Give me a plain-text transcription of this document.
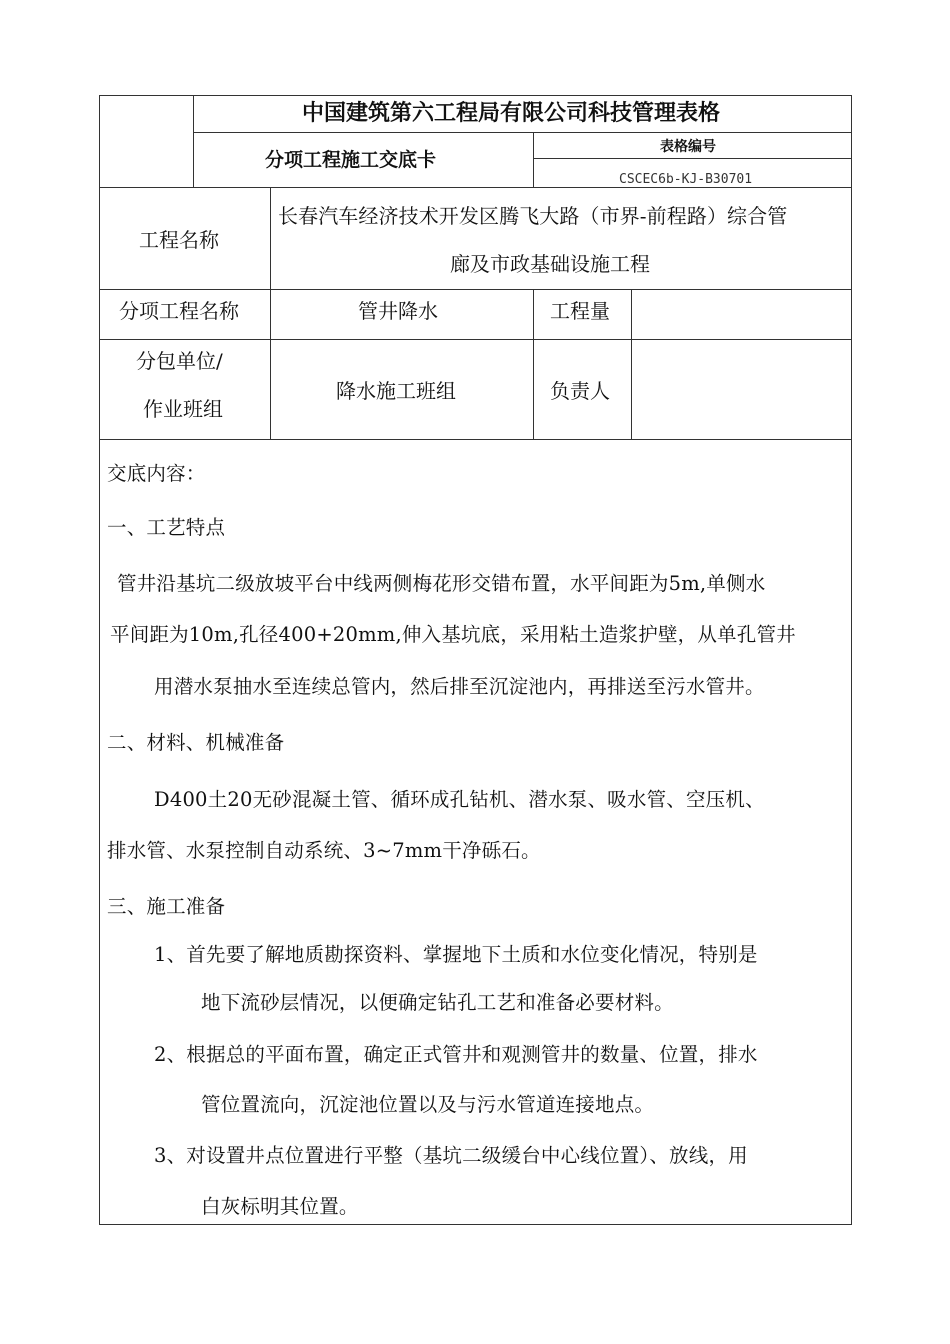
中国建筑第六工程局有限公司科技管理表格
分项工程施工交底卡
表格编号
CSCEC6b-KJ-B30701
工程名称
长春汽车经济技术开发区腾飞大路（市界-前程路）综合管
廊及市政基础设施工程
分项工程名称	管井降水	工程量
分包单位/
作业班组
降水施工班组	负责人
交底内容：
一、工艺特点
管井沿基坑二级放坡平台中线两侧梅花形交错布置，水平间距为5m,单侧水
平间距为10m,孔径400+20mm,伸入基坑底，采用粘土造浆护壁，从单孔管井
用潜水泵抽水至连续总管内，然后排至沉淀池内，再排送至污水管井。
二、材料、机械准备
D400土20无砂混凝土管、循环成孔钻机、潜水泵、吸水管、空压机、
排水管、水泵控制自动系统、3~7mm干净砾石。
三、施工准备
1、首先要了解地质勘探资料、掌握地下土质和水位变化情况，特别是
地下流砂层情况，以便确定钻孔工艺和准备必要材料。
2、根据总的平面布置，确定正式管井和观测管井的数量、位置，排水
管位置流向，沉淀池位置以及与污水管道连接地点。
3、对设置井点位置进行平整（基坑二级缓台中心线位置）、放线，用
白灰标明其位置。
